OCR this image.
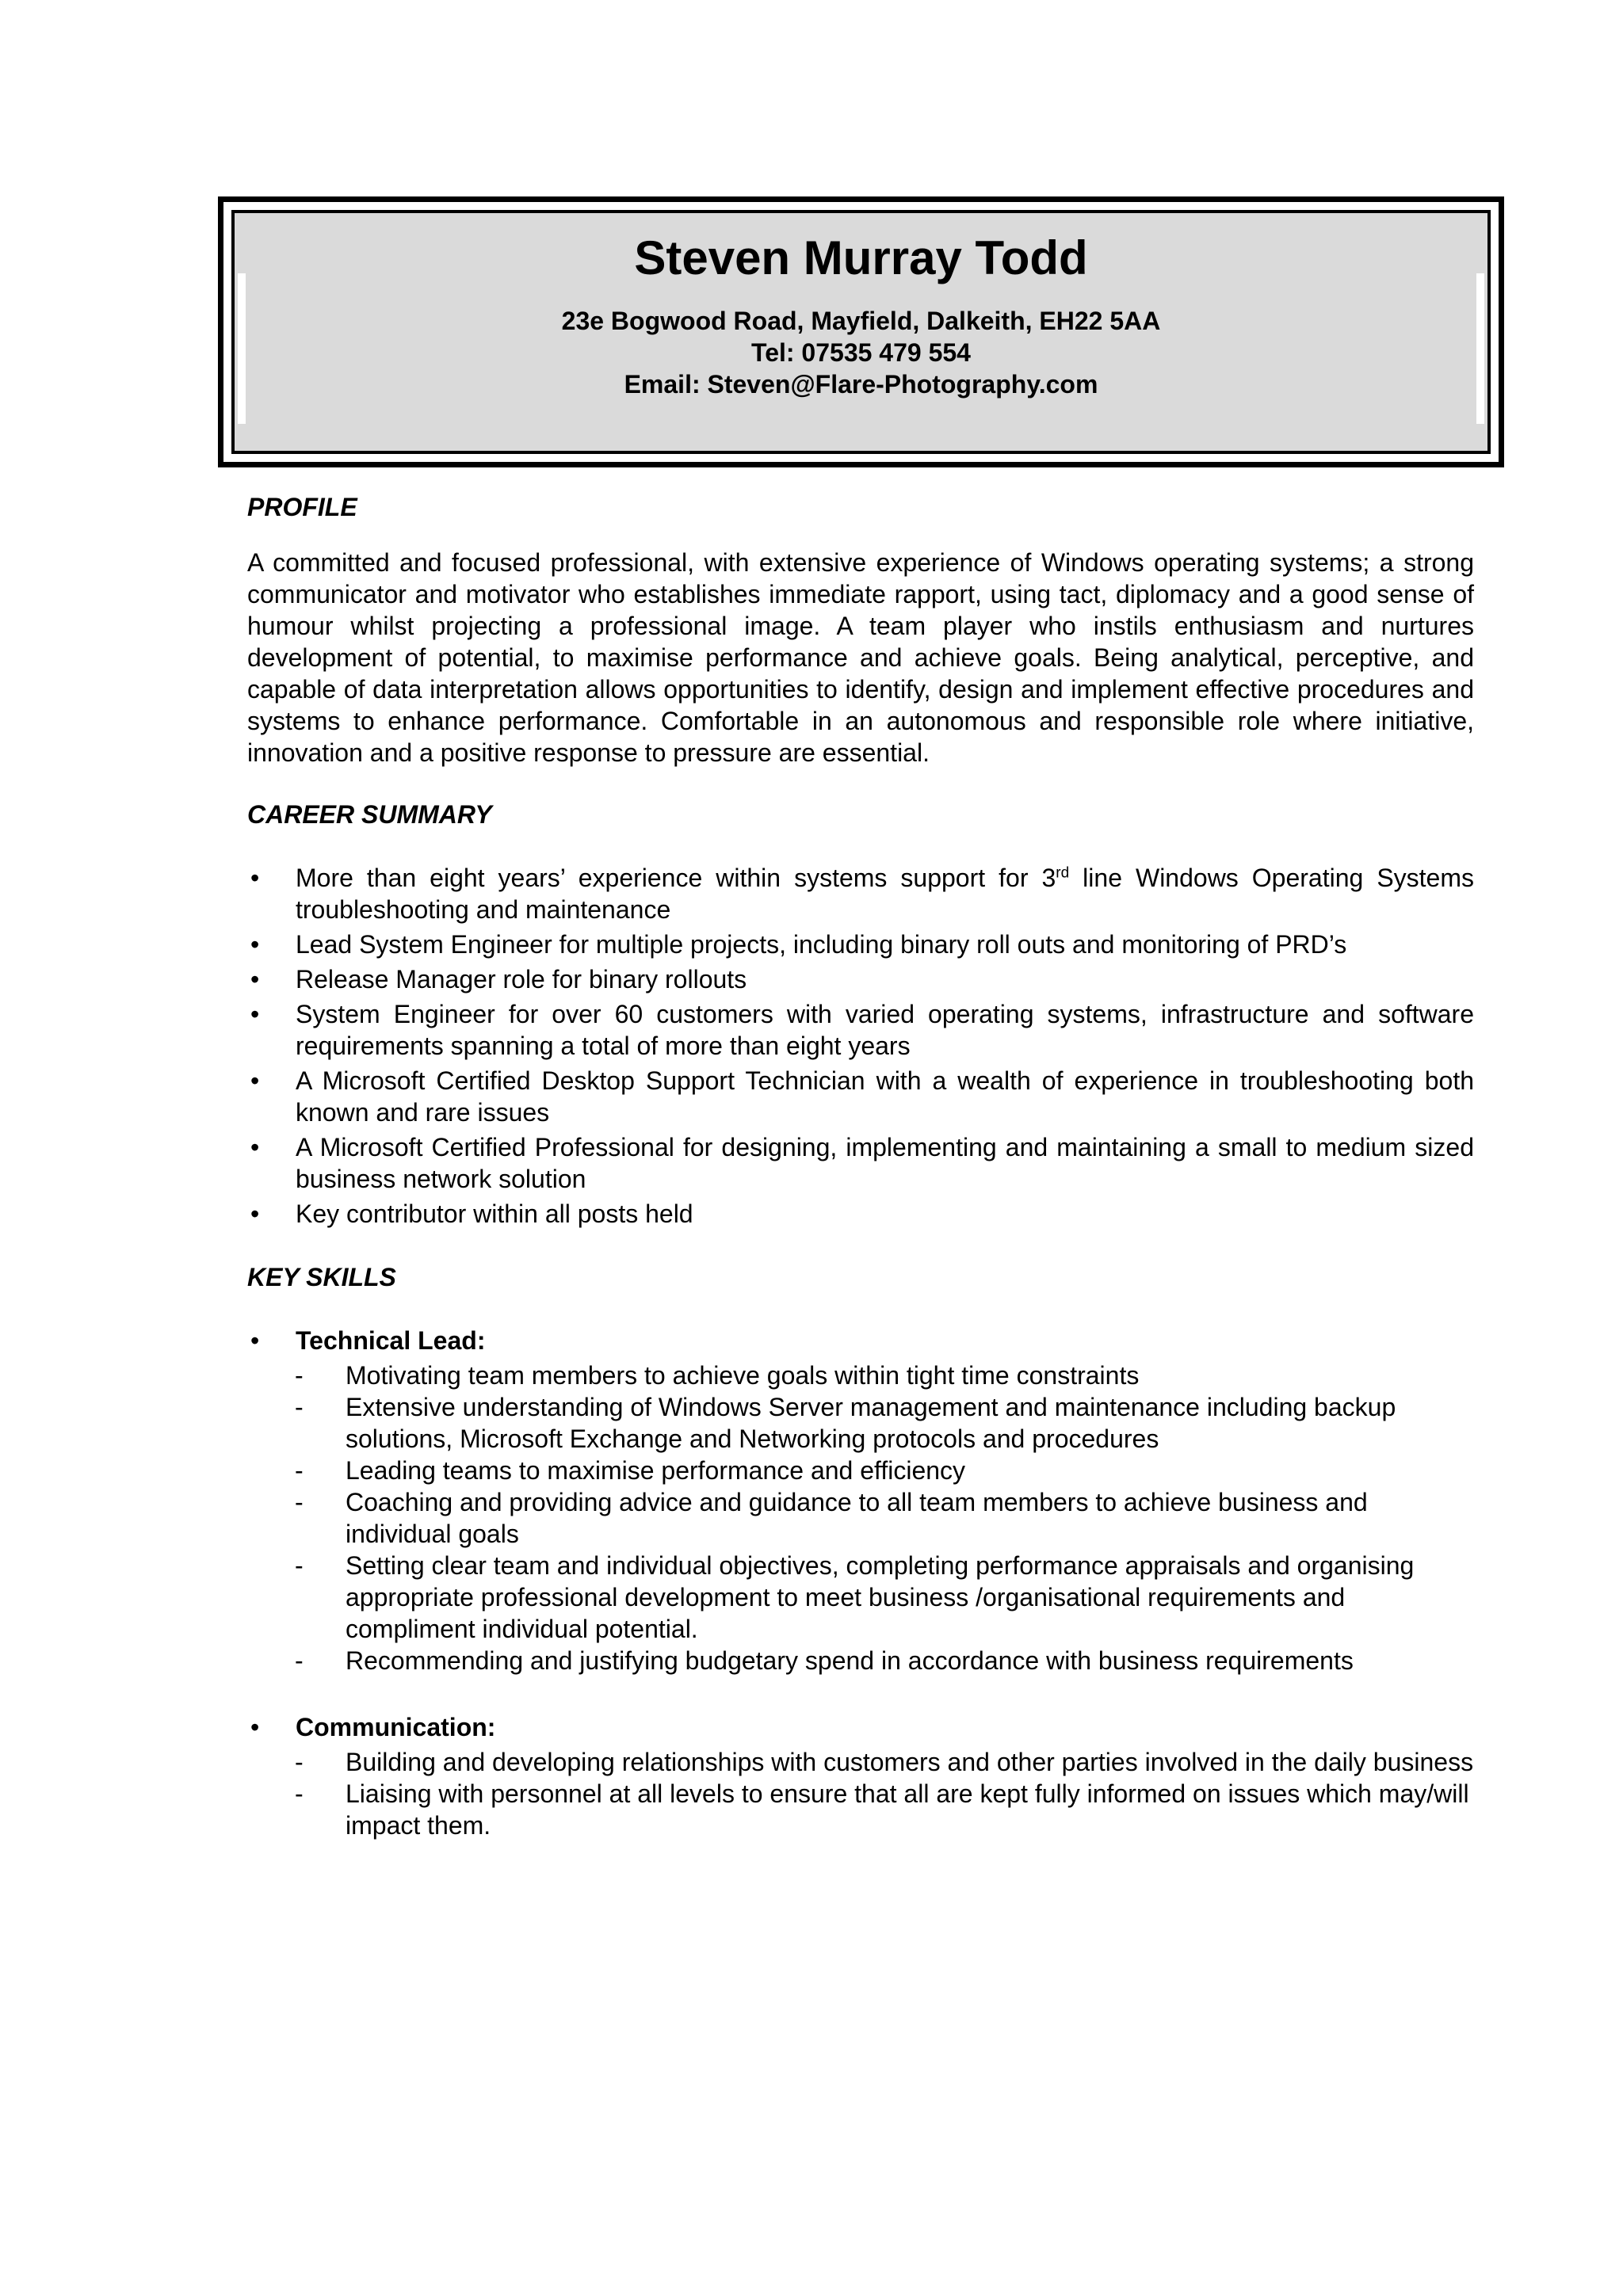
Steven Murray Todd
23e Bogwood Road, Mayfield, Dalkeith, EH22 5AA
Tel: 07535 479 554
Email: Steven@Flare-Photography.com

PROFILE

A committed and focused professional, with extensive experience of Windows operating systems; a strong communicator and motivator who establishes immediate rapport, using tact, diplomacy and a good sense of humour whilst projecting a professional image. A team player who instils enthusiasm and nurtures development of potential, to maximise performance and achieve goals. Being analytical, perceptive, and capable of data interpretation allows opportunities to identify, design and implement effective procedures and systems to enhance performance. Comfortable in an autonomous and responsible role where initiative, innovation and a positive response to pressure are essential.

CAREER SUMMARY

• More than eight years’ experience within systems support for 3rd line Windows Operating Systems troubleshooting and maintenance
• Lead System Engineer for multiple projects, including binary roll outs and monitoring of PRD’s
• Release Manager role for binary rollouts
• System Engineer for over 60 customers with varied operating systems, infrastructure and software requirements spanning a total of more than eight years
• A Microsoft Certified Desktop Support Technician with a wealth of experience in troubleshooting both known and rare issues
• A Microsoft Certified Professional for designing, implementing and maintaining a small to medium sized business network solution
• Key contributor within all posts held

KEY SKILLS

• Technical Lead:
- Motivating team members to achieve goals within tight time constraints
- Extensive understanding of Windows Server management and maintenance including backup solutions, Microsoft Exchange and Networking protocols and procedures
- Leading teams to maximise performance and efficiency
- Coaching and providing advice and guidance to all team members to achieve business and individual goals
- Setting clear team and individual objectives, completing performance appraisals and organising appropriate professional development to meet business /organisational requirements and compliment individual potential.
- Recommending and justifying budgetary spend in accordance with business requirements
• Communication:
- Building and developing relationships with customers and other parties involved in the daily business
- Liaising with personnel at all levels to ensure that all are kept fully informed on issues which may/will impact them.
